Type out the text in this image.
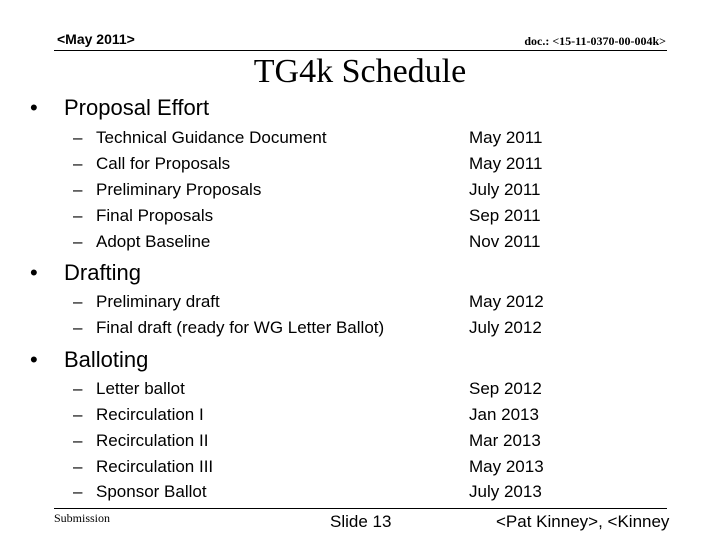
<May 2011>	doc.: <15-11-0370-00-004k>
TG4k Schedule
• Proposal Effort
– Technical Guidance Document	May 2011
– Call for Proposals	May 2011
– Preliminary Proposals	July 2011
– Final Proposals	Sep 2011
– Adopt Baseline	Nov 2011
• Drafting
– Preliminary draft	May 2012
– Final draft (ready for WG Letter Ballot)	July 2012
• Balloting
– Letter ballot	Sep 2012
– Recirculation I	Jan 2013
– Recirculation II	Mar 2013
– Recirculation III	May 2013
– Sponsor Ballot	July 2013
Submission	Slide 13	<Pat Kinney>, <Kinney
